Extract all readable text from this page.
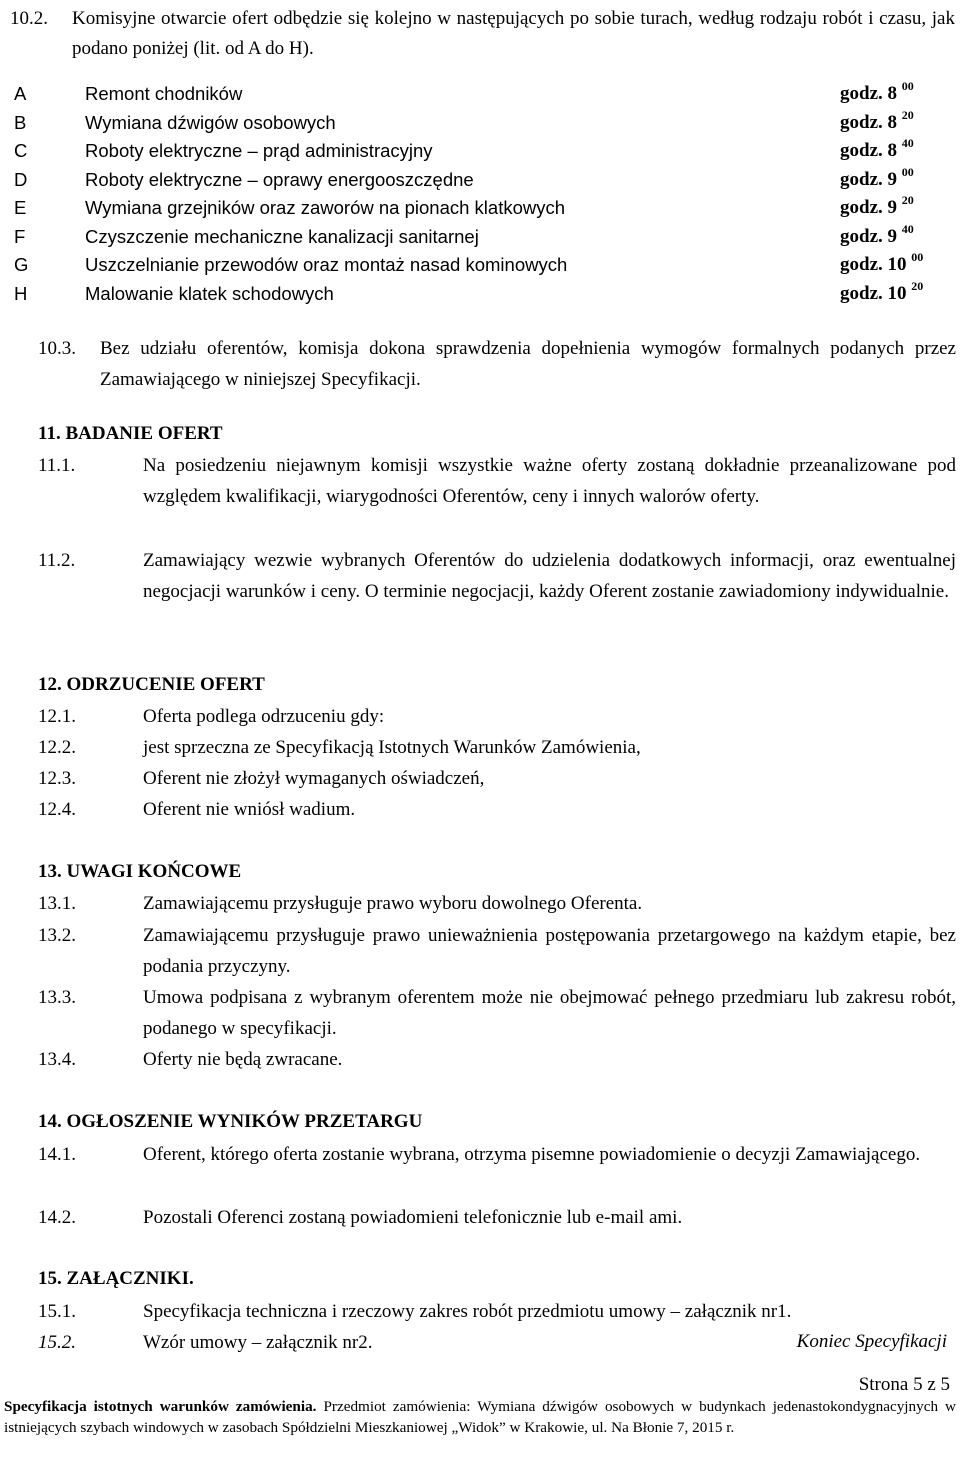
10.2. Komisyjne otwarcie ofert odbędzie się kolejno w następujących po sobie turach, według rodzaju robót i czasu, jak podano poniżej (lit. od A do H).
A	Remont chodników	godz. 8 $^{00}$
B	Wymiana dźwigów osobowych	godz. 8 $^{20}$
C	Roboty elektryczne – prąd administracyjny	godz. 8 $^{40}$
D	Roboty elektryczne – oprawy energooszczędne	godz. 9 $^{00}$
E	Wymiana grzejników oraz zaworów na pionach klatkowych	godz. 9 $^{20}$
F	Czyszczenie mechaniczne kanalizacji sanitarnej	godz. 9 $^{40}$
G	Uszczelnianie przewodów oraz montaż nasad kominowych	godz. 10 $^{00}$
H	Malowanie klatek schodowych	godz. 10 $^{20}$
10.3. Bez udziału oferentów, komisja dokona sprawdzenia dopełnienia wymogów formalnych podanych przez Zamawiającego w niniejszej Specyfikacji.
11. BADANIE OFERT
11.1.	Na posiedzeniu niejawnym komisji wszystkie ważne oferty zostaną dokładnie przeanalizowane pod względem kwalifikacji, wiarygodności Oferentów, ceny i innych walorów oferty.
11.2.	Zamawiający wezwie wybranych Oferentów do udzielenia dodatkowych informacji, oraz ewentualnej negocjacji warunków i ceny. O terminie negocjacji, każdy Oferent zostanie zawiadomiony indywidualnie.
12. ODRZUCENIE OFERT
12.1.	Oferta podlega odrzuceniu gdy:
12.2.	jest sprzeczna ze Specyfikacją Istotnych Warunków Zamówienia,
12.3.	Oferent nie złożył wymaganych oświadczeń,
12.4.	Oferent nie wniósł wadium.
13. UWAGI KOŃCOWE
13.1.	Zamawiającemu przysługuje prawo wyboru dowolnego Oferenta.
13.2.	Zamawiającemu przysługuje prawo unieważnienia postępowania przetargowego na każdym etapie, bez podania przyczyny.
13.3.	Umowa podpisana z wybranym oferentem może nie obejmować pełnego przedmiaru lub zakresu robót, podanego w specyfikacji.
13.4.	Oferty nie będą zwracane.
14. OGŁOSZENIE WYNIKÓW PRZETARGU
14.1.	Oferent, którego oferta zostanie wybrana, otrzyma pisemne powiadomienie o decyzji Zamawiającego.
14.2.	Pozostali Oferenci zostaną powiadomieni telefonicznie lub e-mail ami.
15. ZAŁĄCZNIKI.
15.1.	Specyfikacja techniczna i rzeczowy zakres robót przedmiotu umowy – załącznik nr1.
15.2.	Wzór umowy – załącznik nr2.	Koniec Specyfikacji
Strona 5 z 5
Specyfikacja istotnych warunków zamówienia. Przedmiot zamówienia: Wymiana dźwigów osobowych w budynkach jedenastokondygnacyjnych w istniejących szybach windowych w zasobach Spółdzielni Mieszkaniowej „Widok” w Krakowie, ul. Na Błonie 7, 2015 r.
